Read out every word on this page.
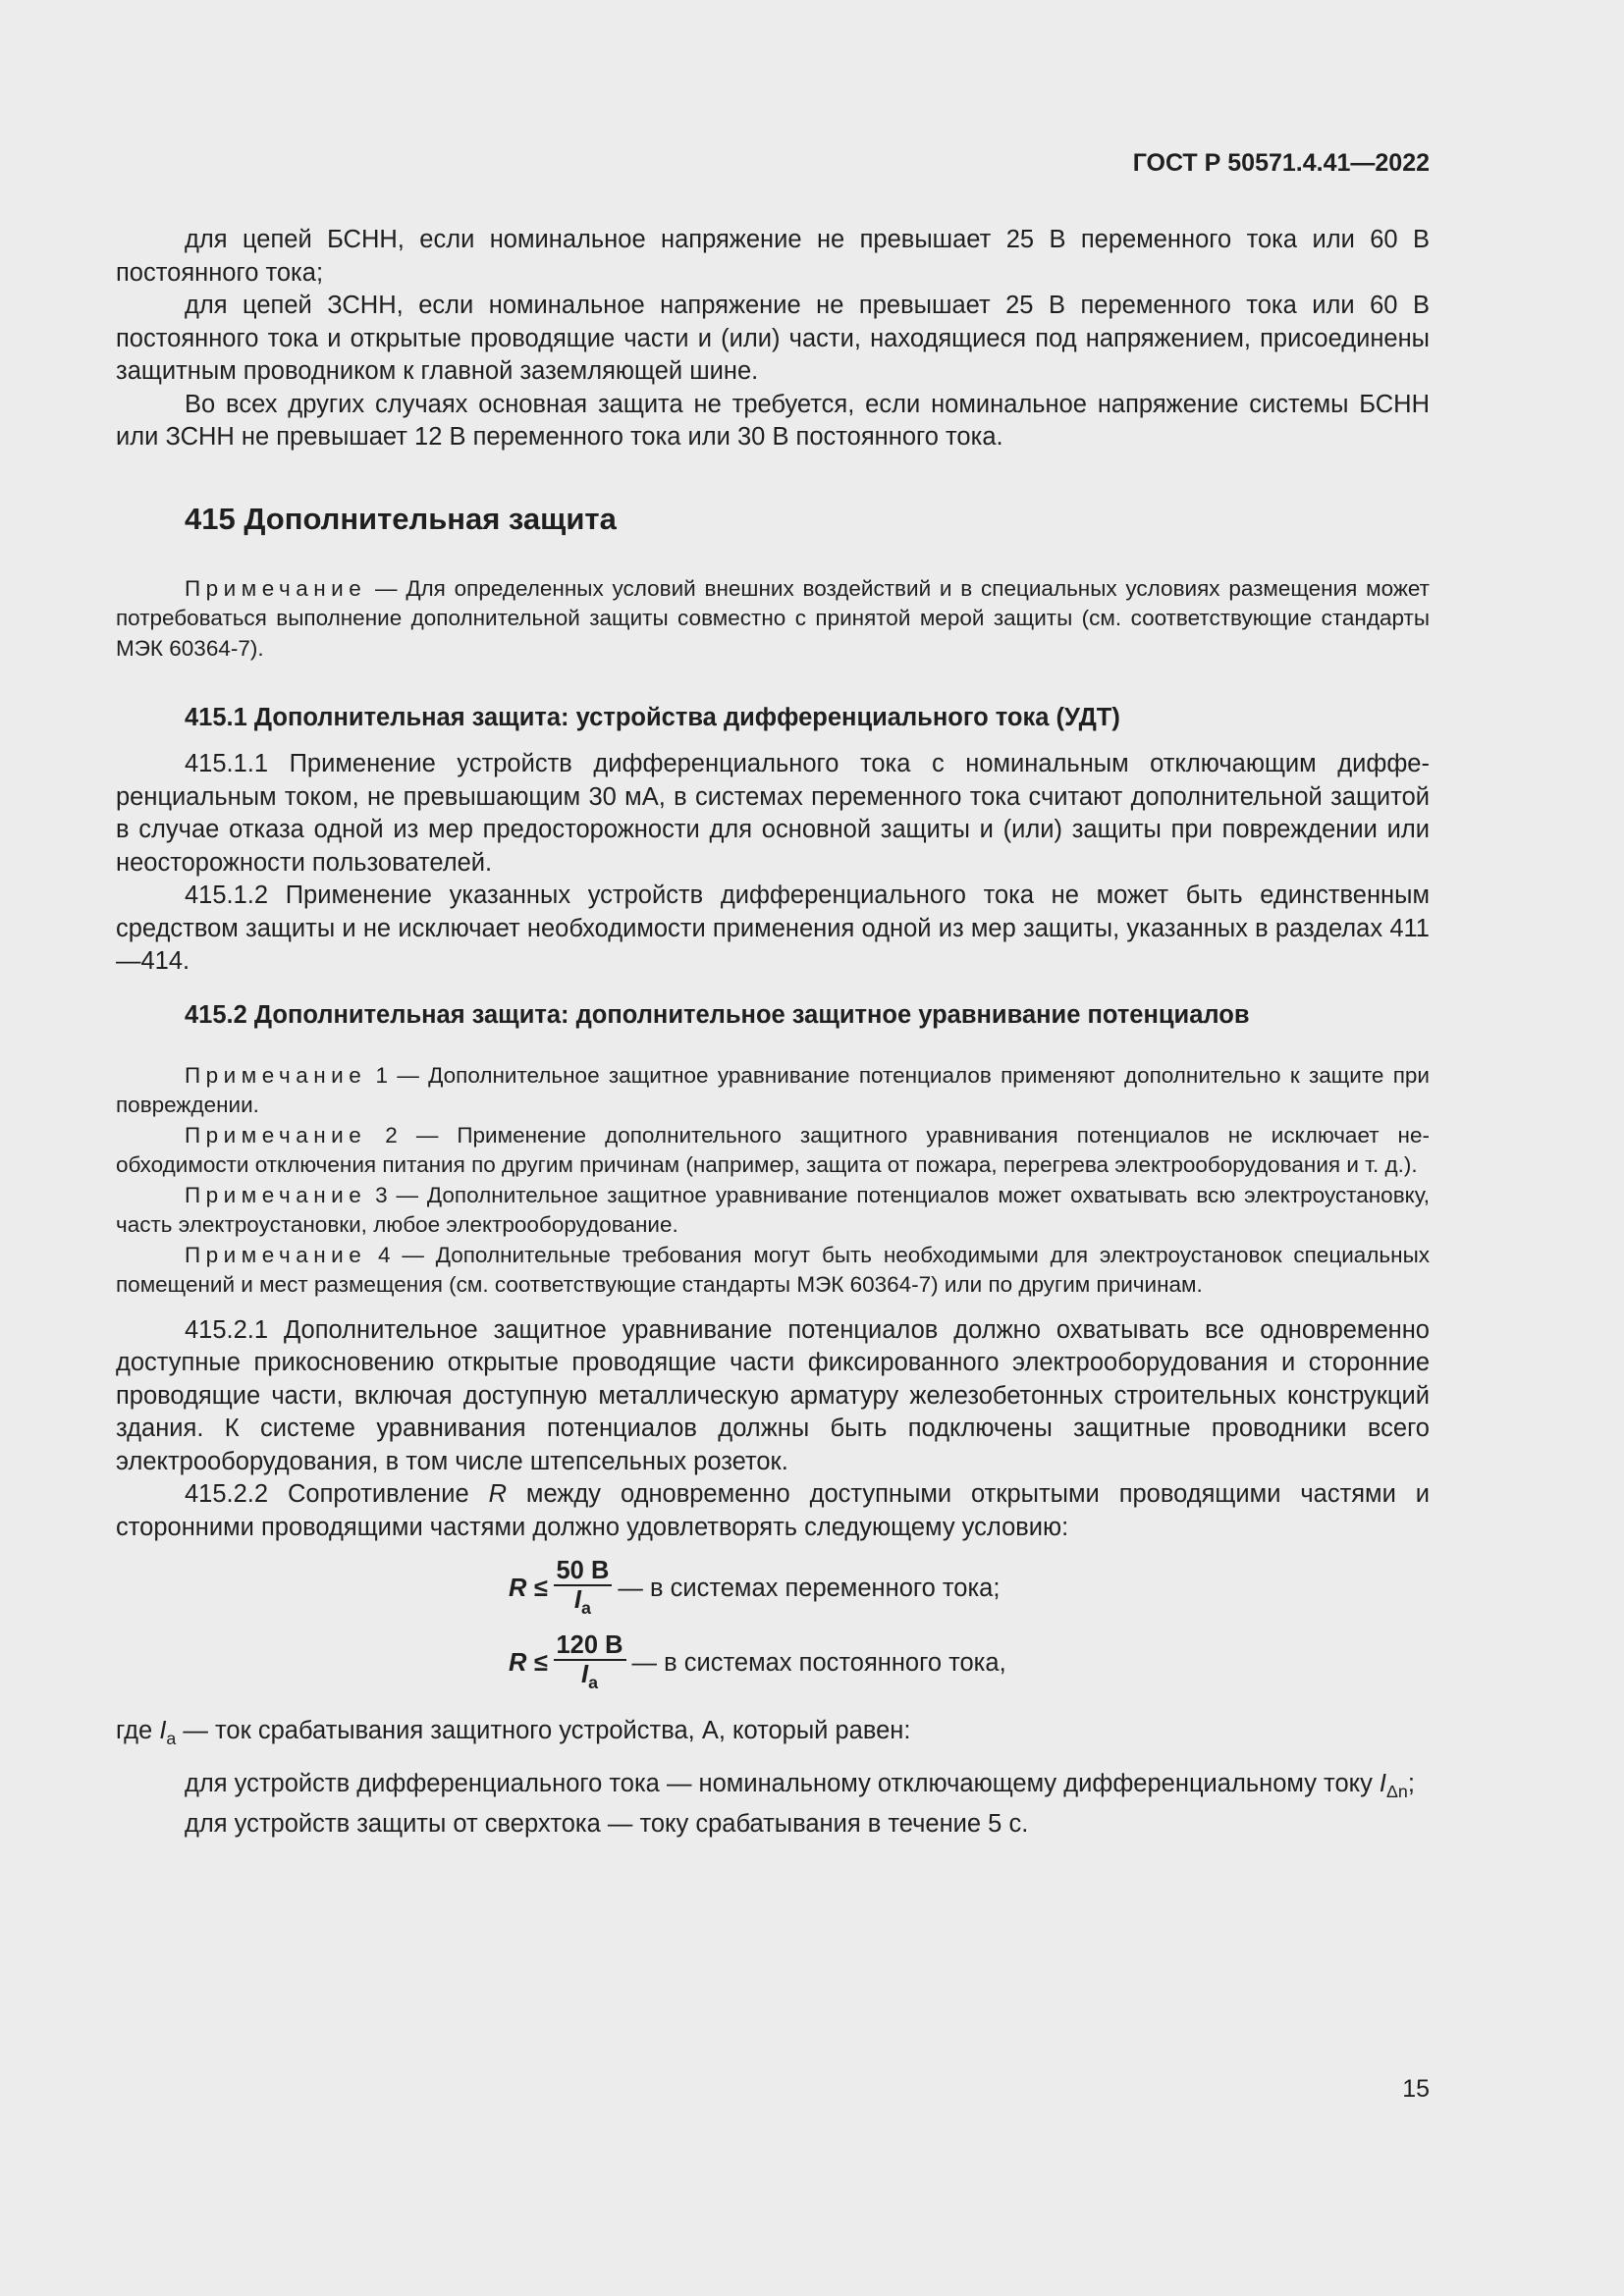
ГОСТ Р 50571.4.41—2022

для цепей БСНН, если номинальное напряжение не превышает 25 В переменного тока или 60 В постоянного тока;

для цепей ЗСНН, если номинальное напряжение не превышает 25 В переменного тока или 60 В постоянного тока и открытые проводящие части и (или) части, находящиеся под напряжением, присоединены защитным проводником к главной заземляющей шине.

Во всех других случаях основная защита не требуется, если номинальное напряжение системы БСНН или ЗСНН не превышает 12 В переменного тока или 30 В постоянного тока.

415 Дополнительная защита

Примечание — Для определенных условий внешних воздействий и в специальных условиях размещения может потребоваться выполнение дополнительной защиты совместно с принятой мерой защиты (см. соответствующие стандарты МЭК 60364-7).

415.1 Дополнительная защита: устройства дифференциального тока (УДТ)

415.1.1 Применение устройств дифференциального тока с номинальным отключающим дифференциальным током, не превышающим 30 мА, в системах переменного тока считают дополнительной защитой в случае отказа одной из мер предосторожности для основной защиты и (или) защиты при повреждении или неосторожности пользователей.

415.1.2 Применение указанных устройств дифференциального тока не может быть единственным средством защиты и не исключает необходимости применения одной из мер защиты, указанных в разделах 411—414.

415.2 Дополнительная защита: дополнительное защитное уравнивание потенциалов

Примечание 1 — Дополнительное защитное уравнивание потенциалов применяют дополнительно к защите при повреждении.

Примечание 2 — Применение дополнительного защитного уравнивания потенциалов не исключает необходимости отключения питания по другим причинам (например, защита от пожара, перегрева электрооборудования и т. д.).

Примечание 3 — Дополнительное защитное уравнивание потенциалов может охватывать всю электроустановку, часть электроустановки, любое электрооборудование.

Примечание 4 — Дополнительные требования могут быть необходимыми для электроустановок специальных помещений и мест размещения (см. соответствующие стандарты МЭК 60364-7) или по другим причинам.

415.2.1 Дополнительное защитное уравнивание потенциалов должно охватывать все одновременно доступные прикосновению открытые проводящие части фиксированного электрооборудования и сторонние проводящие части, включая доступную металлическую арматуру железобетонных строительных конструкций здания. К системе уравнивания потенциалов должны быть подключены защитные проводники всего электрооборудования, в том числе штепсельных розеток.

415.2.2 Сопротивление R между одновременно доступными открытыми проводящими частями и сторонними проводящими частями должно удовлетворять следующему условию:

$R \le \frac{50 В}{I_a}$ — в системах переменного тока;
$R \le \frac{120 В}{I_a}$ — в системах постоянного тока,

где $I_a$ — ток срабатывания защитного устройства, А, который равен:

для устройств дифференциального тока — номинальному отключающему дифференциальному току $I_{\Delta n}$;

для устройств защиты от сверхтока — току срабатывания в течение 5 с.

15
